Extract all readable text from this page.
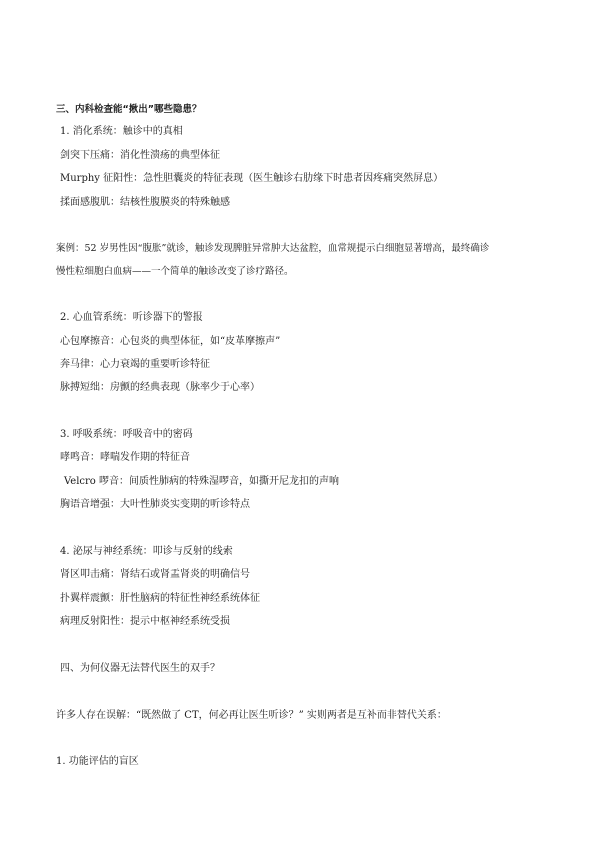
三、内科检查能“揪出”哪些隐患？
1. 消化系统：触诊中的真相
剑突下压痛：消化性溃疡的典型体征
Murphy 征阳性：急性胆囊炎的特征表现（医生触诊右肋缘下时患者因疼痛突然屏息）
揉面感腹肌：结核性腹膜炎的特殊触感
案例：52 岁男性因“腹胀”就诊，触诊发现脾脏异常肿大达盆腔，血常规提示白细胞显著增高，最终确诊
慢性粒细胞白血病——一个简单的触诊改变了诊疗路径。
2. 心血管系统：听诊器下的警报
心包摩擦音：心包炎的典型体征，如“皮革摩擦声”
奔马律：心力衰竭的重要听诊特征
脉搏短绌：房颤的经典表现（脉率少于心率）
3. 呼吸系统：呼吸音中的密码
哮鸣音：哮喘发作期的特征音
Velcro 啰音：间质性肺病的特殊湿啰音，如撕开尼龙扣的声响
胸语音增强：大叶性肺炎实变期的听诊特点
4. 泌尿与神经系统：叩诊与反射的线索
肾区叩击痛：肾结石或肾盂肾炎的明确信号
扑翼样震颤：肝性脑病的特征性神经系统体征
病理反射阳性：提示中枢神经系统受损
四、为何仪器无法替代医生的双手？
许多人存在误解：“既然做了 CT，何必再让医生听诊？” 实则两者是互补而非替代关系：
1. 功能评估的盲区
